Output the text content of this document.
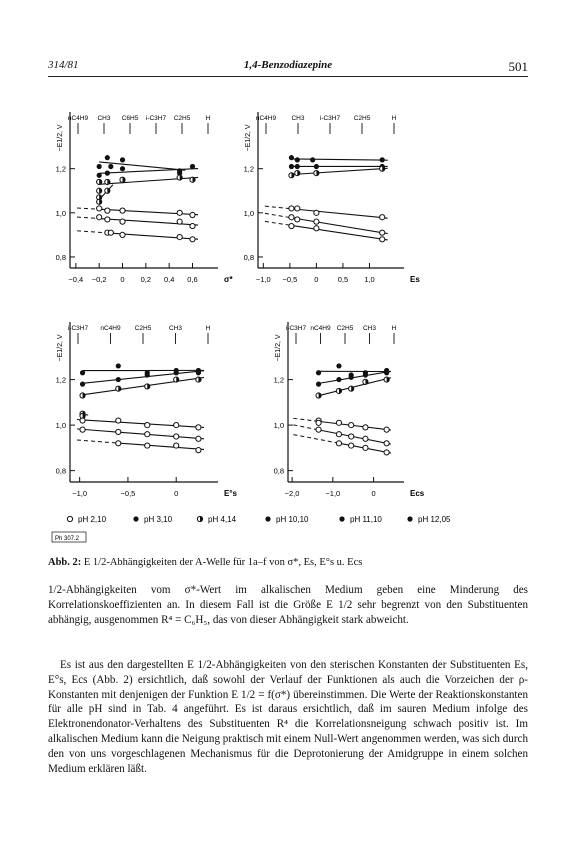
314/81	1,4-Benzodiazepine	501
0,8
1,0
1,2
−0,4 −0,2 0 0,2 0,4 0,6	σ*
−E1/2, V
nC4H9 CH3 C6H5 i-C3H7 C2H5 H
0,8
1,0
1,2
−1,0 −0,5 0	0,5 1,0	Es
−E1/2, V
nC4H9 CH3 i-C3H7 C2H5	H
0,8
1,0
1,2
−1,0	−0,5	0	E°s
−E1/2, V
i-C3H7 nC4H9 C2H5	CH3	H
0,8
1,0
1,2
−2,0	−1,0	0	Ecs
−E1/2, V
i-C3H7 nC4H9 C2H5 CH3 H
pH 2,10	pH 3,10	pH 4,14	pH 10,10	pH 11,10	pH 12,05
Ph 307.2
Abb. 2: E 1/2-Abhängigkeiten der A-Welle für 1a–f von σ*, Es, E°s u. Ecs

1/2-Abhängigkeiten vom σ*-Wert im alkalischen Medium geben eine Minderung des Korrelationskoeffizienten an. In diesem Fall ist die Größe E 1/2 sehr begrenzt von den Substituenten abhängig, ausgenommen R⁴ = C₆H₅, das von dieser Abhängigkeit stark abweicht.

Es ist aus den dargestellten E 1/2-Abhängigkeiten von den sterischen Konstanten der Substituenten Es, E°s, Ecs (Abb. 2) ersichtlich, daß sowohl der Verlauf der Funktionen als auch die Vorzeichen der ρ-Konstanten mit denjenigen der Funktion E 1/2 = f(σ*) übereinstimmen. Die Werte der Reaktionskonstanten für alle pH sind in Tab. 4 angeführt. Es ist daraus ersichtlich, daß im sauren Medium infolge des Elektronendonator-Verhaltens des Substituenten R⁴ die Korrelationsneigung schwach positiv ist. Im alkalischen Medium kann die Neigung praktisch mit einem Null-Wert angenommen werden, was sich durch den von uns vorgeschlagenen Mechanismus für die Deprotonierung der Amidgruppe in einem solchen Medium erklären läßt.
